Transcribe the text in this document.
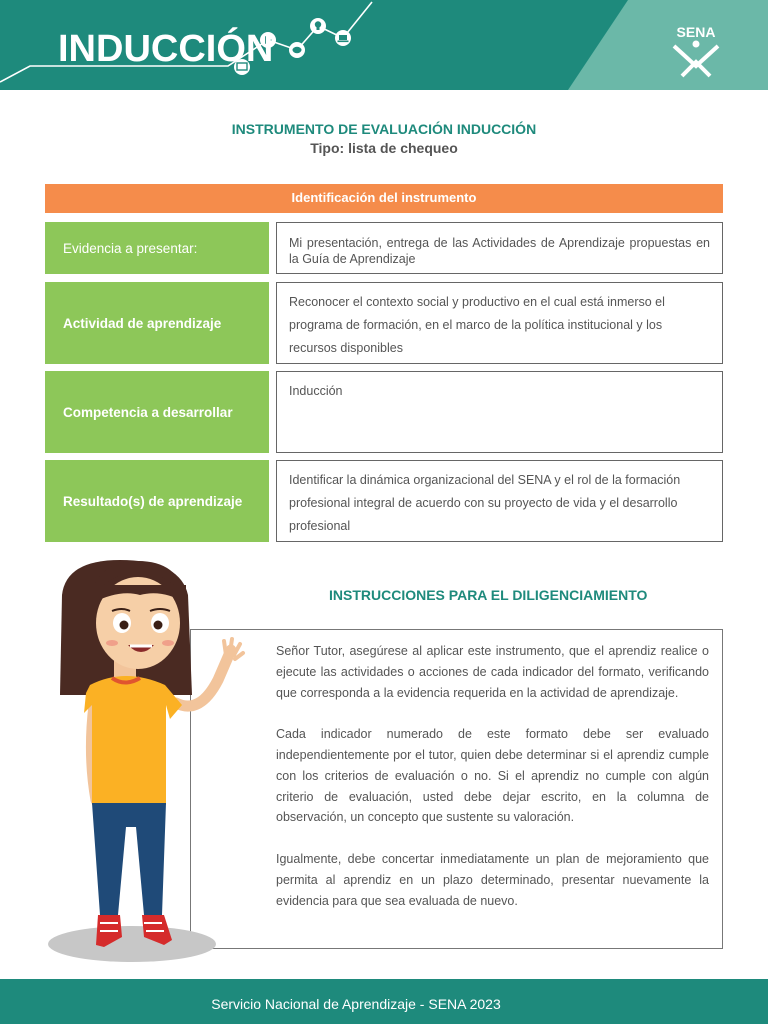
INDUCCIÓN	SENA
INSTRUMENTO DE EVALUACIÓN INDUCCIÓN
Tipo: lista de chequeo
Identificación del instrumento
Evidencia a presentar:	Mi presentación, entrega de las Actividades de Aprendizaje propuestas en la Guía de Aprendizaje
Actividad de aprendizaje
Reconocer el contexto social y productivo en el cual está inmerso el programa de formación, en el marco de la política institucional y los recursos disponibles
Competencia a desarrollar
Inducción
Resultado(s) de aprendizaje
Identificar la dinámica organizacional del SENA y el rol de la formación profesional integral de acuerdo con su proyecto de vida y el desarrollo profesional
INSTRUCCIONES PARA EL DILIGENCIAMIENTO

Señor Tutor, asegúrese al aplicar este instrumento, que el aprendiz realice o ejecute las actividades o acciones de cada indicador del formato, verificando que corresponda a la evidencia requerida en la actividad de aprendizaje.

Cada indicador numerado de este formato debe ser evaluado independientemente por el tutor, quien debe determinar si el aprendiz cumple con los criterios de evaluación o no. Si el aprendiz no cumple con algún criterio de evaluación, usted debe dejar escrito, en la columna de observación, un concepto que sustente su valoración.

Igualmente, debe concertar inmediatamente un plan de mejoramiento que permita al aprendiz en un plazo determinado, presentar nuevamente la evidencia para que sea evaluada de nuevo.

Servicio Nacional de Aprendizaje - SENA 2023
